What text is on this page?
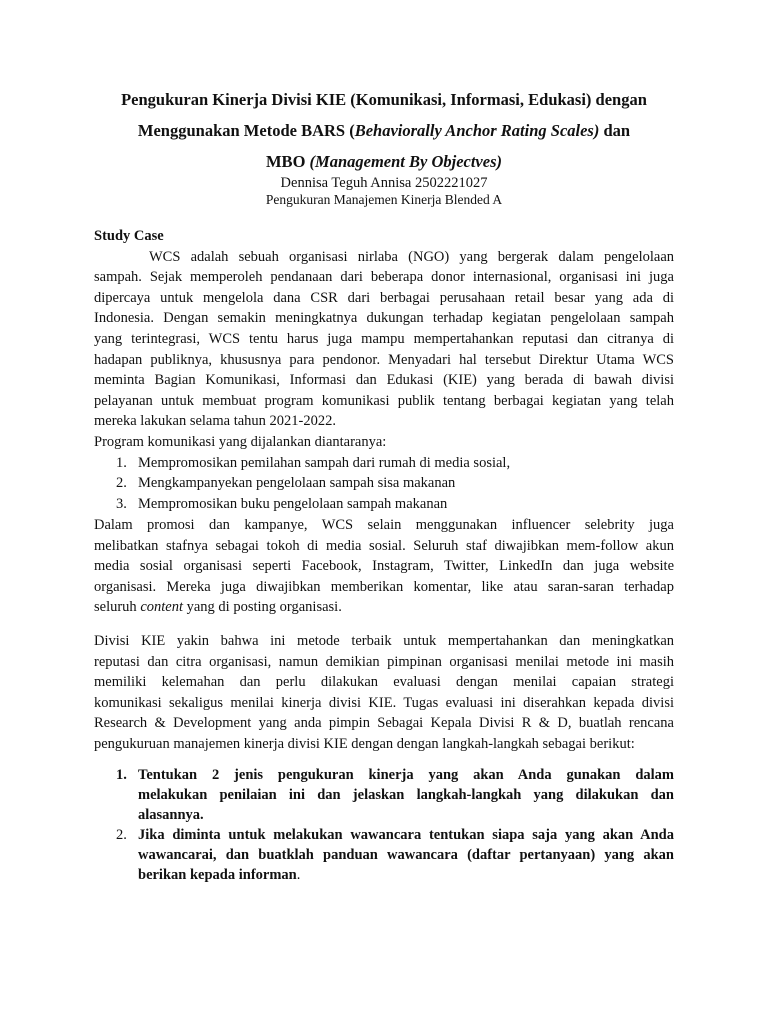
Pengukuran Kinerja Divisi KIE (Komunikasi, Informasi, Edukasi) dengan
Menggunakan Metode BARS (Behaviorally Anchor Rating Scales) dan
MBO (Management By Objectves)
Dennisa Teguh Annisa 2502221027
Pengukuran Manajemen Kinerja Blended A
Study Case
WCS adalah sebuah organisasi nirlaba (NGO) yang bergerak dalam pengelolaan
sampah. Sejak memperoleh pendanaan dari beberapa donor internasional, organisasi ini juga
dipercaya untuk mengelola dana CSR dari berbagai perusahaan retail besar yang ada di
Indonesia. Dengan semakin meningkatnya dukungan terhadap kegiatan pengelolaan sampah
yang terintegrasi, WCS tentu harus juga mampu mempertahankan reputasi dan citranya di
hadapan publiknya, khususnya para pendonor. Menyadari hal tersebut Direktur Utama WCS
meminta Bagian Komunikasi, Informasi dan Edukasi (KIE) yang berada di bawah divisi
pelayanan untuk membuat program komunikasi publik tentang berbagai kegiatan yang telah
mereka lakukan selama tahun 2021-2022.
Program komunikasi yang dijalankan diantaranya:
1. Mempromosikan pemilahan sampah dari rumah di media sosial,
2. Mengkampanyekan pengelolaan sampah sisa makanan
3. Mempromosikan buku pengelolaan sampah makanan
Dalam promosi dan kampanye, WCS selain menggunakan influencer selebrity juga
melibatkan stafnya sebagai tokoh di media sosial. Seluruh staf diwajibkan mem-follow akun
media sosial organisasi seperti Facebook, Instagram, Twitter, LinkedIn dan juga website
organisasi. Mereka juga diwajibkan memberikan komentar, like atau saran-saran terhadap
seluruh content yang di posting organisasi.
Divisi KIE yakin bahwa ini metode terbaik untuk mempertahankan dan meningkatkan
reputasi dan citra organisasi, namun demikian pimpinan organisasi menilai metode ini masih
memiliki kelemahan dan perlu dilakukan evaluasi dengan menilai capaian strategi
komunikasi sekaligus menilai kinerja divisi KIE. Tugas evaluasi ini diserahkan kepada divisi
Research & Development yang anda pimpin Sebagai Kepala Divisi R & D, buatlah rencana
pengukuruan manajemen kinerja divisi KIE dengan dengan langkah-langkah sebagai berikut:
1. Tentukan 2 jenis pengukuran kinerja yang akan Anda gunakan dalam
melakukan penilaian ini dan jelaskan langkah-langkah yang dilakukan dan
alasannya.
2. Jika diminta untuk melakukan wawancara tentukan siapa saja yang akan Anda
wawancarai, dan buatklah panduan wawancara (daftar pertanyaan) yang akan
berikan kepada informan.
